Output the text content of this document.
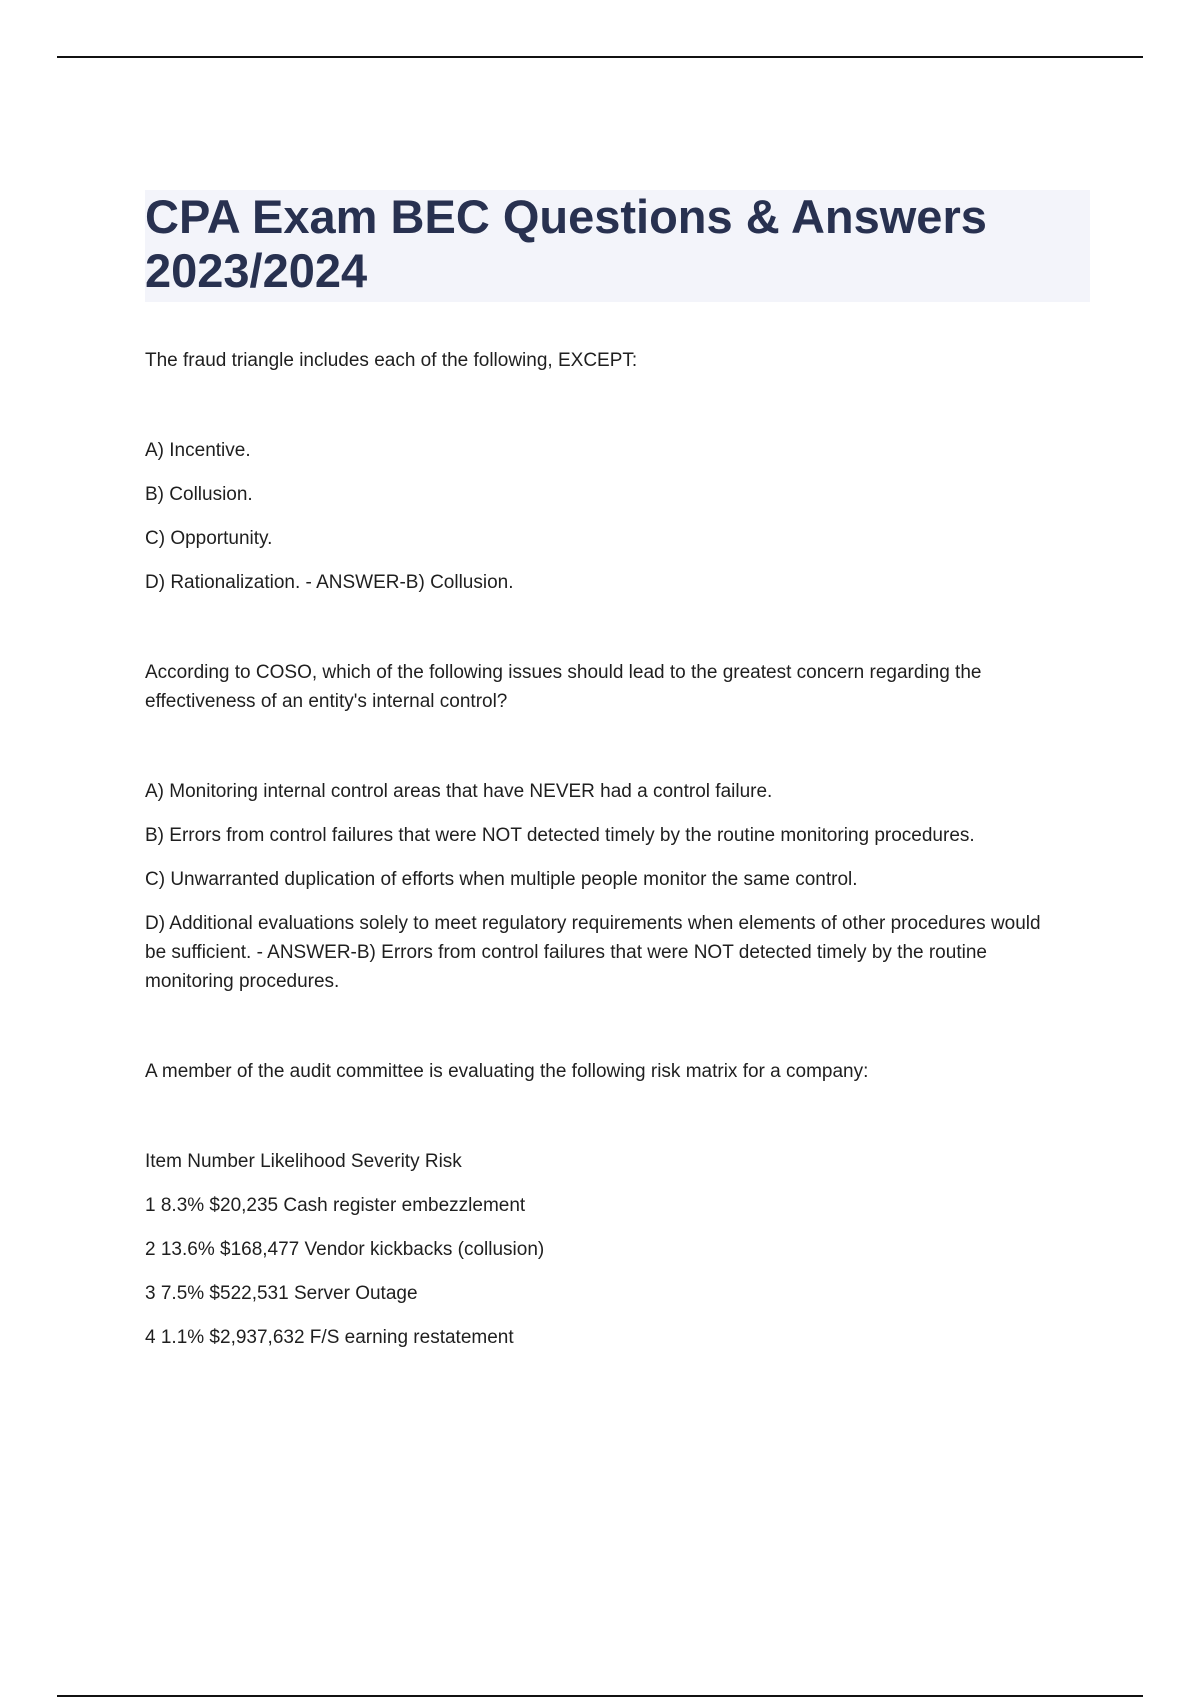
CPA Exam BEC Questions & Answers 2023/2024

The fraud triangle includes each of the following, EXCEPT:

A) Incentive.

B) Collusion.

C) Opportunity.

D) Rationalization. - ANSWER-B) Collusion.

According to COSO, which of the following issues should lead to the greatest concern regarding the effectiveness of an entity's internal control?

A) Monitoring internal control areas that have NEVER had a control failure.

B) Errors from control failures that were NOT detected timely by the routine monitoring procedures.

C) Unwarranted duplication of efforts when multiple people monitor the same control.

D) Additional evaluations solely to meet regulatory requirements when elements of other procedures would be sufficient. - ANSWER-B) Errors from control failures that were NOT detected timely by the routine monitoring procedures.

A member of the audit committee is evaluating the following risk matrix for a company:

Item Number Likelihood Severity Risk

1 8.3% $20,235 Cash register embezzlement

2 13.6% $168,477 Vendor kickbacks (collusion)

3 7.5% $522,531 Server Outage

4 1.1% $2,937,632 F/S earning restatement
